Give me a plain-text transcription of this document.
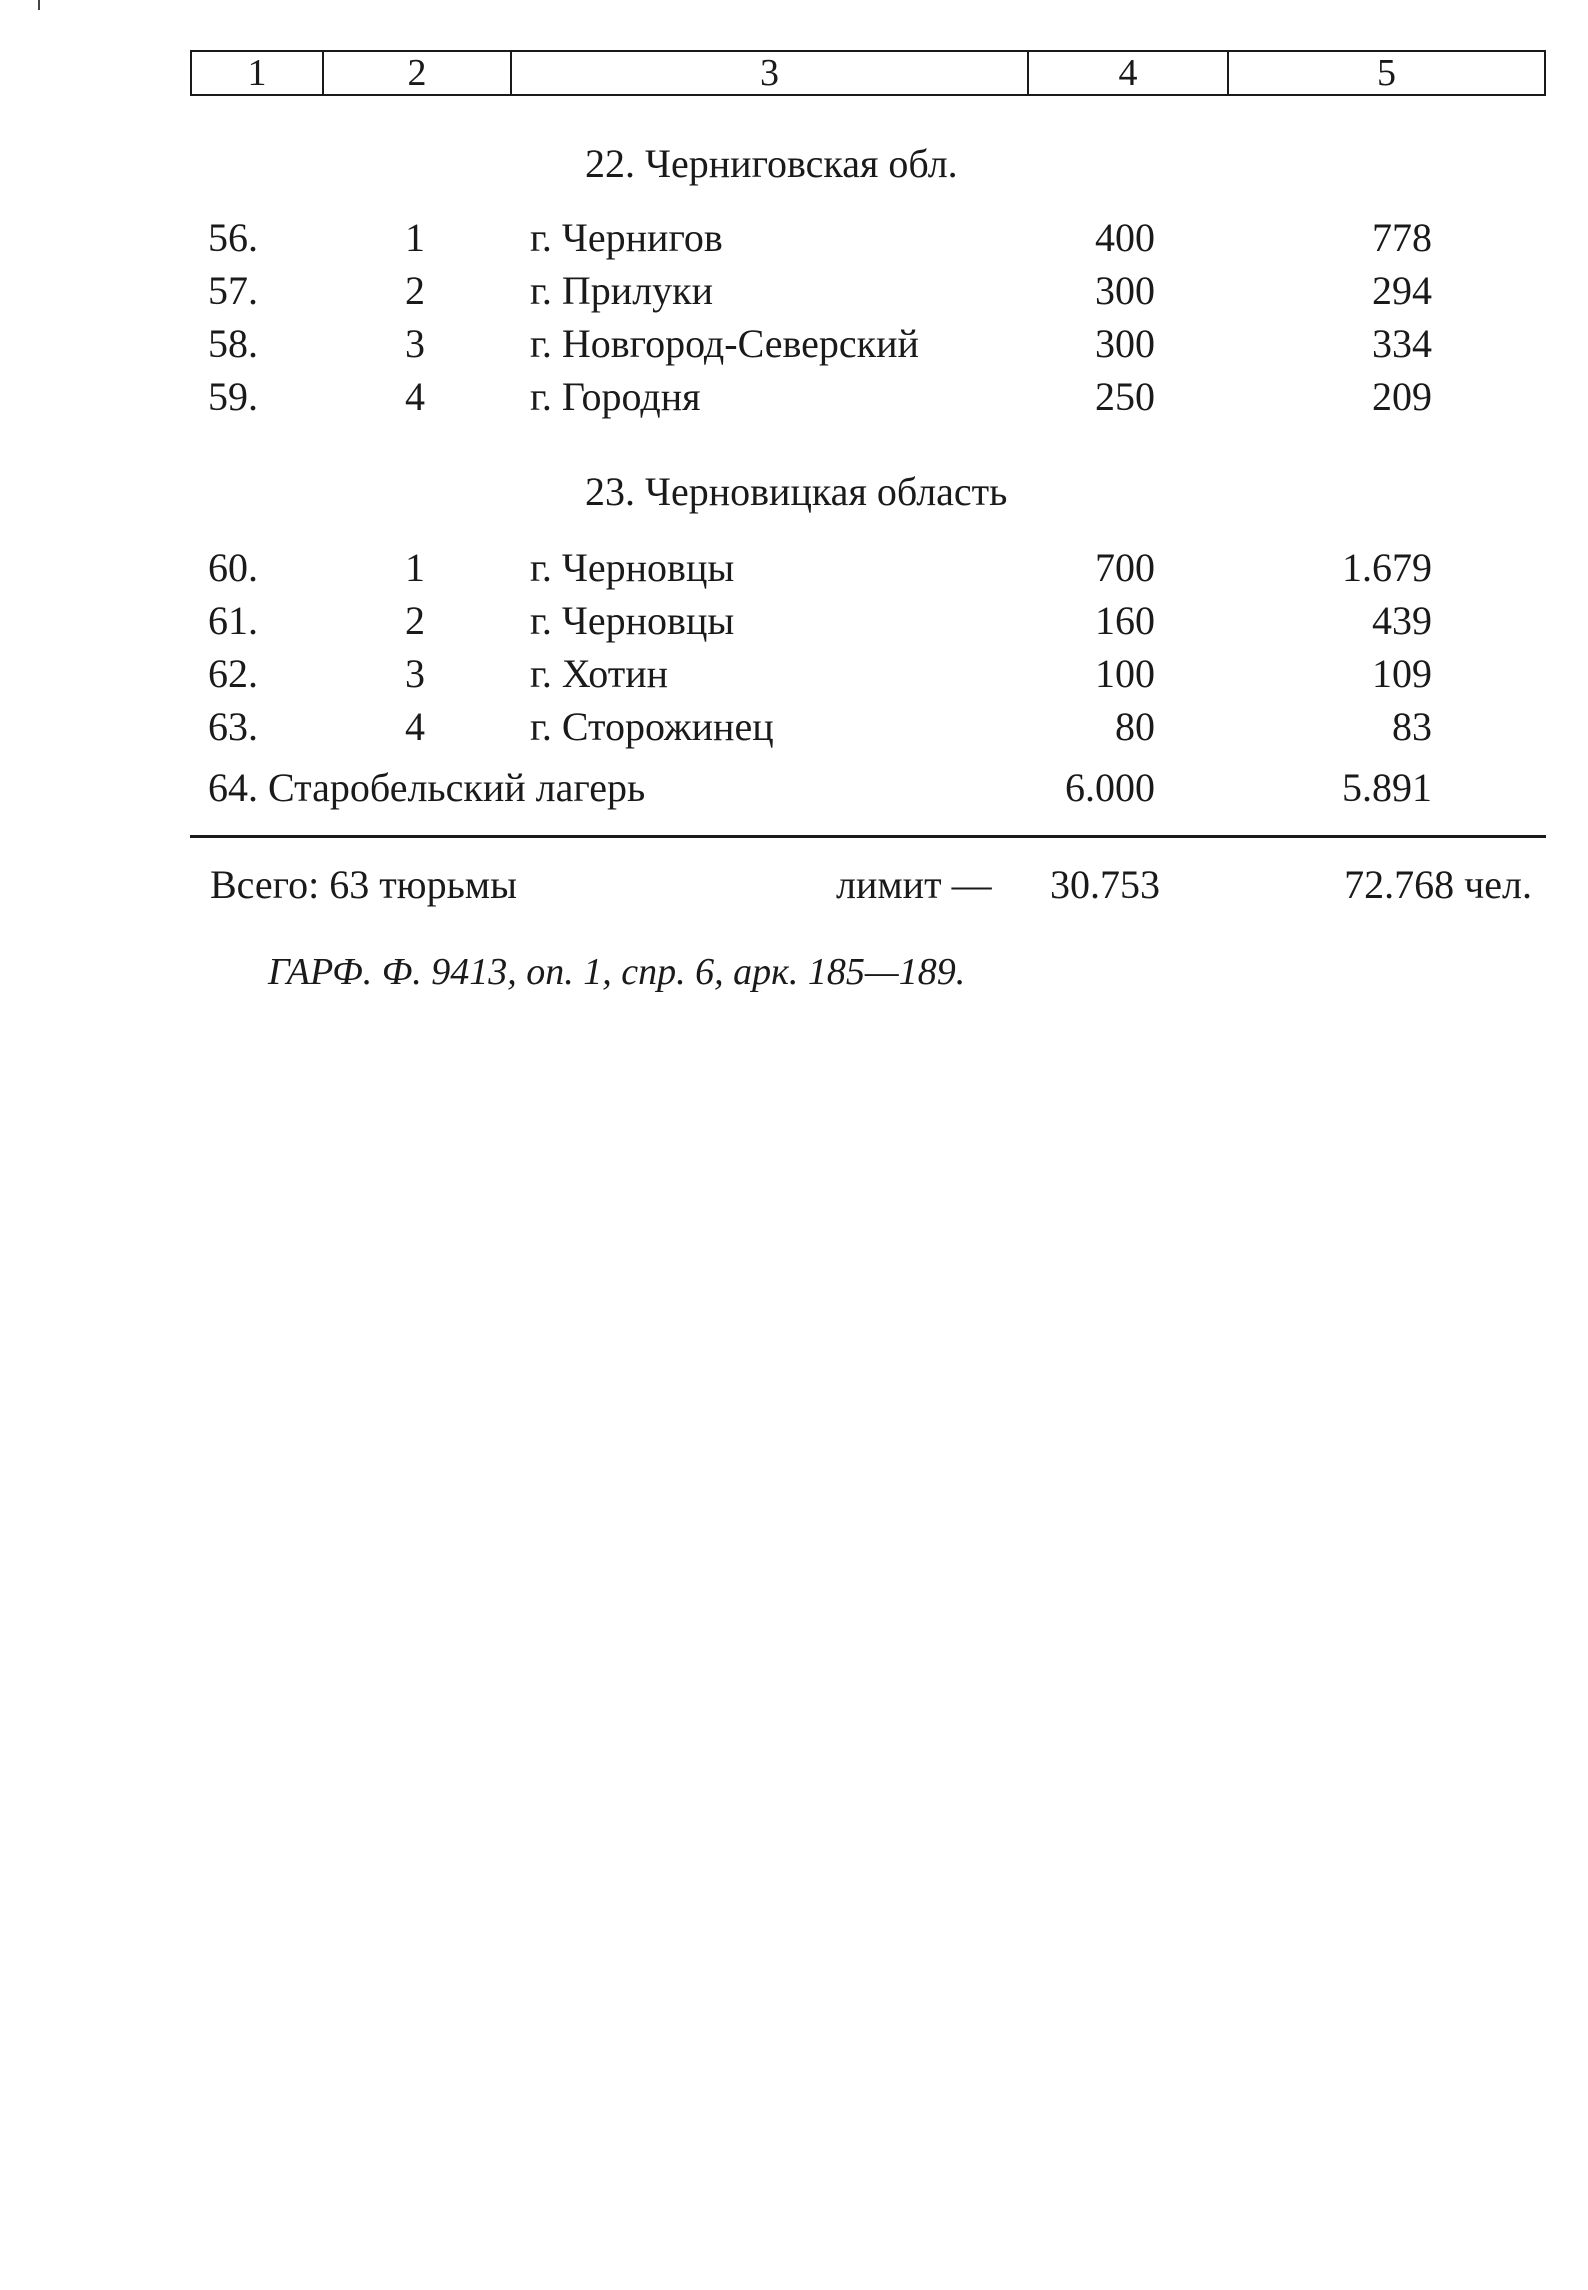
1	2	3	4	5
22. Черниговская обл.
56.	1	г. Чернигов	400	778
57.	2	г. Прилуки	300	294
58.	3	г. Новгород-Северский	300	334
59.	4	г. Городня	250	209
23. Черновицкая область
60.	1	г. Черновцы	700	1.679
61.	2	г. Черновцы	160	439
62.	3	г. Хотин	100	109
63.	4	г. Сторожинец	80	83
64. Старобельский лагерь	6.000	5.891
Всего: 63 тюрьмы	лимит — 30.753	72.768 чел.
ГАРФ. Ф. 9413, оп. 1, спр. 6, арк. 185—189.
